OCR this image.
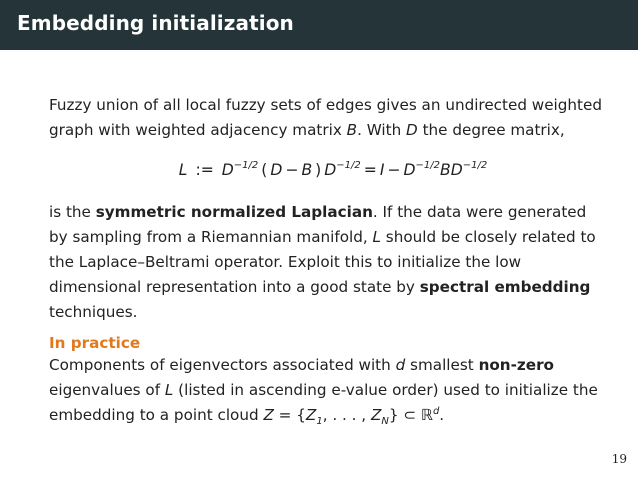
Embedding initialization

Fuzzy union of all local fuzzy sets of edges gives an undirected weighted graph with weighted adjacency matrix B. With D the degree matrix,

L := $D^{-1/2}$ ( D − B ) $D^{-1/2} = I - D^{-1/2}BD^{-1/2}$

is the symmetric normalized Laplacian. If the data were generated by sampling from a Riemannian manifold, L should be closely related to the Laplace–Beltrami operator. Exploit this to initialize the low dimensional representation into a good state by spectral embedding techniques.

In practice

Components of eigenvectors associated with d smallest non-zero eigenvalues of L (listed in ascending e-value order) used to initialize the embedding to a point cloud $Z = \{Z_1$, . . . , $Z_N$} ⊂ ℝ$^d$.

19
